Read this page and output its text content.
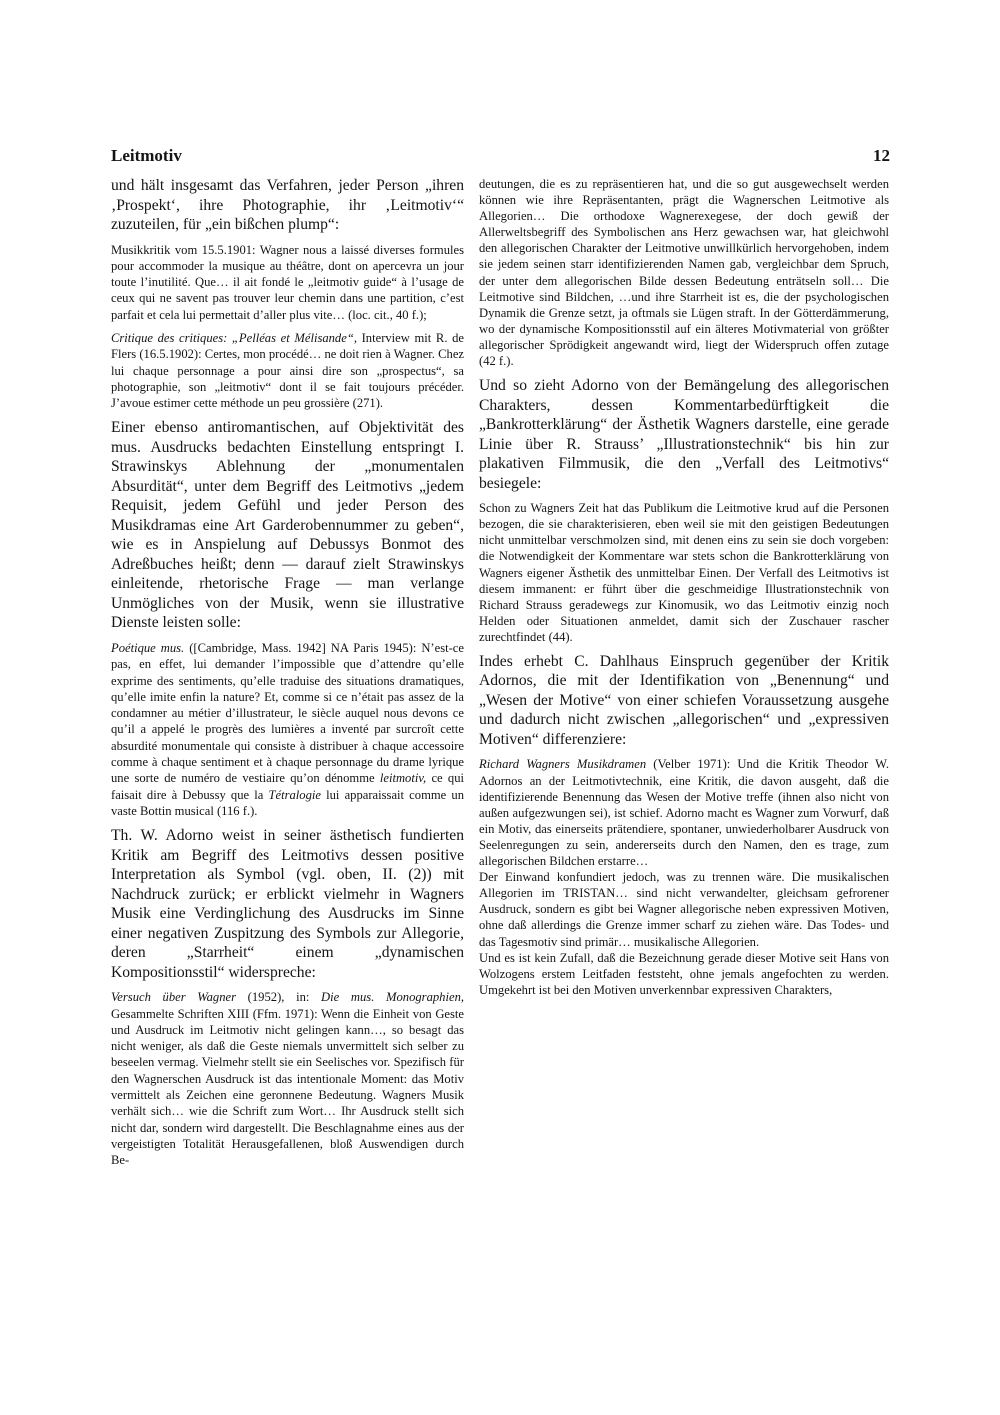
Leitmotiv	12

und hält insgesamt das Verfahren, jeder Person „ihren ‚Prospekt‘, ihre Photographie, ihr ‚Leitmotiv‘“ zuzuteilen, für „ein bißchen plump“:

Musikkritik vom 15.5.1901: Wagner nous a laissé diverses formules pour accommoder la musique au théâtre, dont on apercevra un jour toute l’inutilité. Que… il ait fondé le „leitmotiv guide“ à l’usage de ceux qui ne savent pas trouver leur chemin dans une partition, c’est parfait et cela lui permettait d’aller plus vite… (loc. cit., 40 f.);

Critique des critiques: „Pelléas et Mélisande“, Interview mit R. de Flers (16.5.1902): Certes, mon procédé… ne doit rien à Wagner. Chez lui chaque personnage a pour ainsi dire son „prospectus“, sa photographie, son „leitmotiv“ dont il se fait toujours précéder. J’avoue estimer cette méthode un peu grossière (271).

Einer ebenso antiromantischen, auf Objektivität des mus. Ausdrucks bedachten Einstellung entspringt I. Strawinskys Ablehnung der „monumentalen Absurdität“, unter dem Begriff des Leitmotivs „jedem Requisit, jedem Gefühl und jeder Person des Musikdramas eine Art Garderobennummer zu geben“, wie es in Anspielung auf Debussys Bonmot des Adreßbuches heißt; denn — darauf zielt Strawinskys einleitende, rhetorische Frage — man verlange Unmögliches von der Musik, wenn sie illustrative Dienste leisten solle:

Poétique mus. ([Cambridge, Mass. 1942] NA Paris 1945): N’est-ce pas, en effet, lui demander l’impossible que d’attendre qu’elle exprime des sentiments, qu’elle traduise des situations dramatiques, qu’elle imite enfin la nature? Et, comme si ce n’était pas assez de la condamner au métier d’illustrateur, le siècle auquel nous devons ce qu’il a appelé le progrès des lumières a inventé par surcroît cette absurdité monumentale qui consiste à distribuer à chaque accessoire comme à chaque sentiment et à chaque personnage du drame lyrique une sorte de numéro de vestiaire qu’on dénomme leitmotiv, ce qui faisait dire à Debussy que la Tétralogie lui apparaissait comme un vaste Bottin musical (116 f.).

Th. W. Adorno weist in seiner ästhetisch fundierten Kritik am Begriff des Leitmotivs dessen positive Interpretation als Symbol (vgl. oben, II. (2)) mit Nachdruck zurück; er erblickt vielmehr in Wagners Musik eine Verdinglichung des Ausdrucks im Sinne einer negativen Zuspitzung des Symbols zur Allegorie, deren „Starrheit“ einem „dynamischen Kompositionsstil“ widerspreche:

Versuch über Wagner (1952), in: Die mus. Monographien, Gesammelte Schriften XIII (Ffm. 1971): Wenn die Einheit von Geste und Ausdruck im Leitmotiv nicht gelingen kann…, so besagt das nicht weniger, als daß die Geste niemals unvermittelt sich selber zu beseelen vermag. Vielmehr stellt sie ein Seelisches vor. Spezifisch für den Wagnerschen Ausdruck ist das intentionale Moment: das Motiv vermittelt als Zeichen eine geronnene Bedeutung. Wagners Musik verhält sich… wie die Schrift zum Wort… Ihr Ausdruck stellt sich nicht dar, sondern wird dargestellt. Die Beschlagnahme eines aus der vergeistigten Totalität Herausgefallenen, bloß Auswendigen durch Be-

deutungen, die es zu repräsentieren hat, und die so gut ausgewechselt werden können wie ihre Repräsentanten, prägt die Wagnerschen Leitmotive als Allegorien… Die orthodoxe Wagnerexegese, der doch gewiß der Allerweltsbegriff des Symbolischen ans Herz gewachsen war, hat gleichwohl den allegorischen Charakter der Leitmotive unwillkürlich hervorgehoben, indem sie jedem seinen starr identifizierenden Namen gab, vergleichbar dem Spruch, der unter dem allegorischen Bilde dessen Bedeutung enträtseln soll… Die Leitmotive sind Bildchen, …und ihre Starrheit ist es, die der psychologischen Dynamik die Grenze setzt, ja oftmals sie Lügen straft. In der Götterdämmerung, wo der dynamische Kompositionsstil auf ein älteres Motivmaterial von größter allegorischer Sprödigkeit angewandt wird, liegt der Widerspruch offen zutage (42 f.).

Und so zieht Adorno von der Bemängelung des allegorischen Charakters, dessen Kommentarbedürftigkeit die „Bankrotterklärung“ der Ästhetik Wagners darstelle, eine gerade Linie über R. Strauss’ „Illustrationstechnik“ bis hin zur plakativen Filmmusik, die den „Verfall des Leitmotivs“ besiegele:

Schon zu Wagners Zeit hat das Publikum die Leitmotive krud auf die Personen bezogen, die sie charakterisieren, eben weil sie mit den geistigen Bedeutungen nicht unmittelbar verschmolzen sind, mit denen eins zu sein sie doch vorgeben: die Notwendigkeit der Kommentare war stets schon die Bankrotterklärung von Wagners eigener Ästhetik des unmittelbar Einen. Der Verfall des Leitmotivs ist diesem immanent: er führt über die geschmeidige Illustrationstechnik von Richard Strauss geradewegs zur Kinomusik, wo das Leitmotiv einzig noch Helden oder Situationen anmeldet, damit sich der Zuschauer rascher zurechtfindet (44).

Indes erhebt C. Dahlhaus Einspruch gegenüber der Kritik Adornos, die mit der Identifikation von „Benennung“ und „Wesen der Motive“ von einer schiefen Voraussetzung ausgehe und dadurch nicht zwischen „allegorischen“ und „expressiven Motiven“ differenziere:

Richard Wagners Musikdramen (Velber 1971): Und die Kritik Theodor W. Adornos an der Leitmotivtechnik, eine Kritik, die davon ausgeht, daß die identifizierende Benennung das Wesen der Motive treffe (ihnen also nicht von außen aufgezwungen sei), ist schief. Adorno macht es Wagner zum Vorwurf, daß ein Motiv, das einerseits prätendiere, spontaner, unwiederholbarer Ausdruck von Seelenregungen zu sein, andererseits durch den Namen, den es trage, zum allegorischen Bildchen erstarre…

Der Einwand konfundiert jedoch, was zu trennen wäre. Die musikalischen Allegorien im TRISTAN… sind nicht verwandelter, gleichsam gefrorener Ausdruck, sondern es gibt bei Wagner allegorische neben expressiven Motiven, ohne daß allerdings die Grenze immer scharf zu ziehen wäre. Das Todes- und das Tagesmotiv sind primär… musikalische Allegorien.

Und es ist kein Zufall, daß die Bezeichnung gerade dieser Motive seit Hans von Wolzogens erstem Leitfaden feststeht, ohne jemals angefochten zu werden. Umgekehrt ist bei den Motiven unverkennbar expressiven Charakters,
